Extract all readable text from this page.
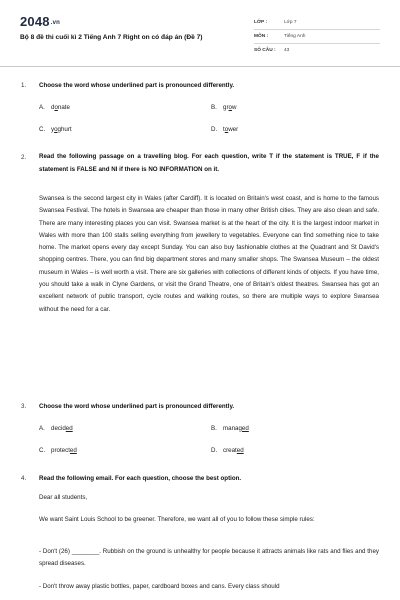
2048.vn
Bộ 8 đề thi cuối kì 2 Tiếng Anh 7 Right on có đáp án (Đề 7)
LỚP :	Lớp 7
MÔN :	Tiếng Anh
SỐ CÂU : 43
1. Choose the word whose underlined part is pronounced differently.
A. donate	B. grow
C. yoghurt	D. tower
2. Read the following passage on a travelling blog. For each question, write T if the statement is TRUE, F if the statement is FALSE and NI if there is NO INFORMATION on it.
Swansea is the second largest city in Wales (after Cardiff). It is located on Britain's west coast, and is home to the famous Swansea Festival. The hotels in Swansea are cheaper than those in many other British cities. They are also clean and safe. There are many interesting places you can visit. Swansea market is at the heart of the city. It is the largest indoor market in Wales with more than 100 stalls selling everything from jewellery to vegetables. Everyone can find something nice to take home. The market opens every day except Sunday. You can also buy fashionable clothes at the Quadrant and St David's shopping centres. There, you can find big department stores and many smaller shops. The Swansea Museum – the oldest museum in Wales – is well worth a visit. There are six galleries with collections of different kinds of objects. If you have time, you should take a walk in Clyne Gardens, or visit the Grand Theatre, one of Britain's oldest theatres. Swansea has got an excellent network of public transport, cycle routes and walking routes, so there are multiple ways to explore Swansea without the need for a car.
3. Choose the word whose underlined part is pronounced differently.
A. decided	B. managed
C. protected	D. created
4. Read the following email. For each question, choose the best option.
Dear all students,
We want Saint Louis School to be greener. Therefore, we want all of you to follow these simple rules:
- Don't (26) ________. Rubbish on the ground is unhealthy for people because it attracts animals like rats and flies and they spread diseases.
- Don't throw away plastic bottles, paper, cardboard boxes and cans. Every class should
